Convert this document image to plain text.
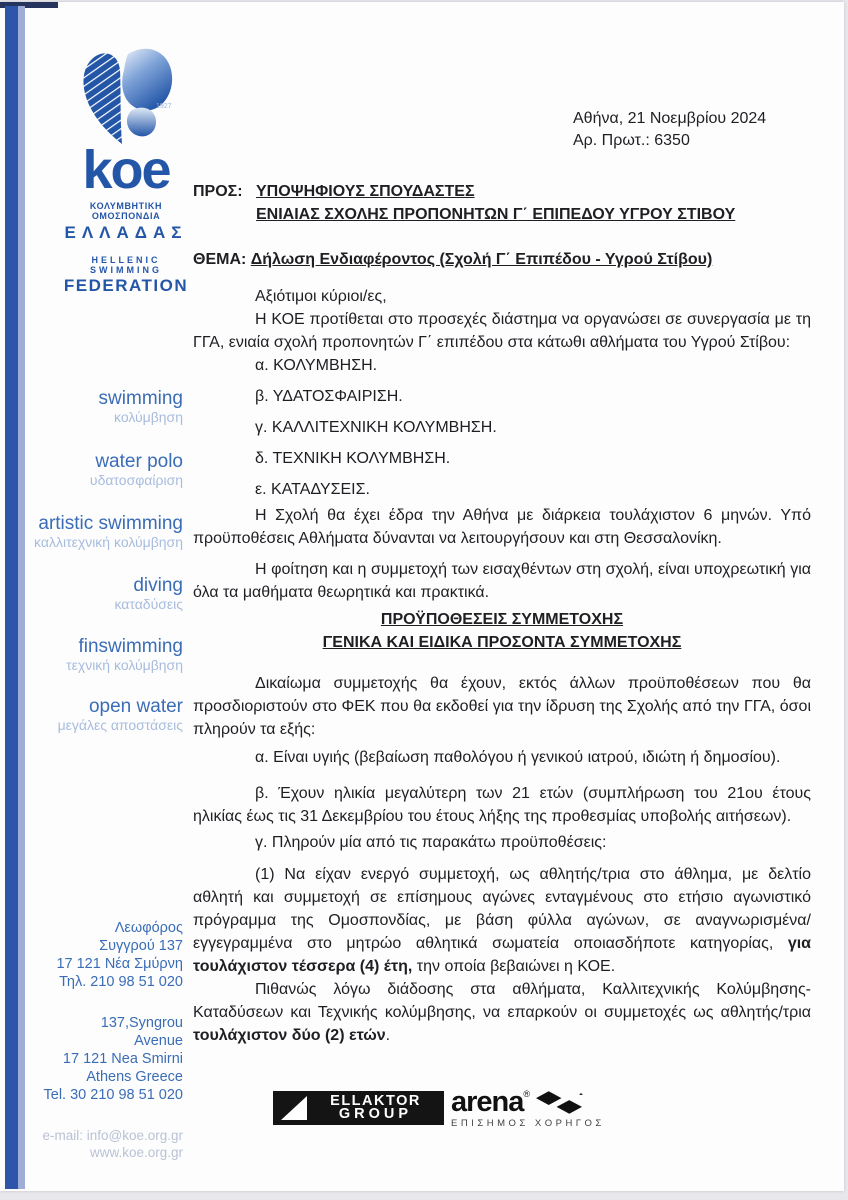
1927
koe
ΚΟΛΥΜΒΗΤΙΚΗ ΟΜΟΣΠΟΝΔΙΑ
ΕΛΛΑΔΑΣ
HELLENIC SWIMMING
FEDERATION
swimming
κολύμβηση
water polo
υδατοσφαίριση
artistic swimming
καλλιτεχνική κολύμβηση
diving
καταδύσεις
finswimming
τεχνική κολύμβηση
open water
μεγάλες αποστάσεις
Λεωφόρος
Συγγρού 137
17 121 Νέα Σμύρνη
Τηλ. 210 98 51 020
137,Syngrou
Avenue
17 121 Nea Smirni
Athens Greece
Tel. 30 210 98 51 020
e-mail: info@koe.org.gr
www.koe.org.gr
Αθήνα, 21 Νοεμβρίου 2024
Αρ. Πρωτ.: 6350
ΠΡΟΣ: ΥΠΟΨΗΦΙΟΥΣ ΣΠΟΥΔΑΣΤΕΣ
ΕΝΙΑΙΑΣ ΣΧΟΛΗΣ ΠΡΟΠΟΝΗΤΩΝ Γ΄ ΕΠΙΠΕΔΟΥ ΥΓΡΟΥ ΣΤΙΒΟΥ
ΘΕΜΑ: Δήλωση Ενδιαφέροντος (Σχολή Γ΄ Επιπέδου - Υγρού Στίβου)
Αξιότιμοι κύριοι/ες,
Η ΚΟΕ προτίθεται στο προσεχές διάστημα να οργανώσει σε συνεργασία με τη ΓΓΑ, ενιαία σχολή προπονητών Γ΄ επιπέδου στα κάτωθι αθλήματα του Υγρού Στίβου:
α. ΚΟΛΥΜΒΗΣΗ.
β. ΥΔΑΤΟΣΦΑΙΡΙΣΗ.
γ. ΚΑΛΛΙΤΕΧΝΙΚΗ ΚΟΛΥΜΒΗΣΗ.
δ. ΤΕΧΝΙΚΗ ΚΟΛΥΜΒΗΣΗ.
ε. ΚΑΤΑΔΥΣΕΙΣ.
Η Σχολή θα έχει έδρα την Αθήνα με διάρκεια τουλάχιστον 6 μηνών. Υπό προϋποθέσεις Αθλήματα δύνανται να λειτουργήσουν και στη Θεσσαλονίκη.
Η φοίτηση και η συμμετοχή των εισαχθέντων στη σχολή, είναι υποχρεωτική για όλα τα μαθήματα θεωρητικά και πρακτικά.
ΠΡΟΫΠΟΘΕΣΕΙΣ ΣΥΜΜΕΤΟΧΗΣ
ΓΕΝΙΚΑ ΚΑΙ ΕΙΔΙΚΑ ΠΡΟΣΟΝΤΑ ΣΥΜΜΕΤΟΧΗΣ
Δικαίωμα συμμετοχής θα έχουν, εκτός άλλων προϋποθέσεων που θα προσδιοριστούν στο ΦΕΚ που θα εκδοθεί για την ίδρυση της Σχολής από την ΓΓΑ, όσοι πληρούν τα εξής:
α. Είναι υγιής (βεβαίωση παθολόγου ή γενικού ιατρού, ιδιώτη ή δημοσίου).
β. Έχουν ηλικία μεγαλύτερη των 21 ετών (συμπλήρωση του 21ου έτους ηλικίας έως τις 31 Δεκεμβρίου του έτους λήξης της προθεσμίας υποβολής αιτήσεων).
γ. Πληρούν μία από τις παρακάτω προϋποθέσεις:
(1) Να είχαν ενεργό συμμετοχή, ως αθλητής/τρια στο άθλημα, με δελτίο αθλητή και συμμετοχή σε επίσημους αγώνες ενταγμένους στο ετήσιο αγωνιστικό πρόγραμμα της Ομοσπονδίας, με βάση φύλλα αγώνων, σε αναγνωρισμένα/εγγεγραμμένα στο μητρώο αθλητικά σωματεία οποιασδήποτε κατηγορίας, για τουλάχιστον τέσσερα (4) έτη, την οποία βεβαιώνει η ΚΟΕ.
Πιθανώς λόγω διάδοσης στα αθλήματα, Καλλιτεχνικής Κολύμβησης-Καταδύσεων και Τεχνικής κολύμβησης, να επαρκούν οι συμμετοχές ως αθλητής/τρια τουλάχιστον δύο (2) ετών.
ELLAKTOR
GROUP	arena ®
ΕΠΙΣΗΜΟΣ ΧΟΡΗΓΟΣ
